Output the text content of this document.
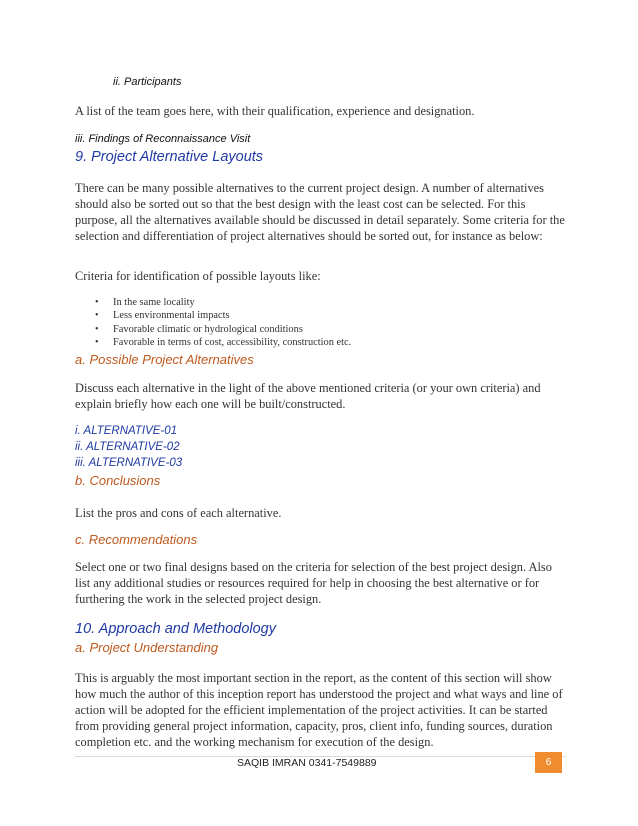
ii. Participants
A list of the team goes here, with their qualification, experience and designation.
iii. Findings of Reconnaissance Visit
9. Project Alternative Layouts
There can be many possible alternatives to the current project design. A number of alternatives should also be sorted out so that the best design with the least cost can be selected. For this purpose, all the alternatives available should be discussed in detail separately. Some criteria for the selection and differentiation of project alternatives should be sorted out, for instance as below:
Criteria for identification of possible layouts like:
• In the same locality
• Less environmental impacts
• Favorable climatic or hydrological conditions
• Favorable in terms of cost, accessibility, construction etc.
a. Possible Project Alternatives
Discuss each alternative in the light of the above mentioned criteria (or your own criteria) and explain briefly how each one will be built/constructed.
i. ALTERNATIVE-01
ii. ALTERNATIVE-02
iii. ALTERNATIVE-03
b. Conclusions
List the pros and cons of each alternative.
c. Recommendations
Select one or two final designs based on the criteria for selection of the best project design. Also list any additional studies or resources required for help in choosing the best alternative or for furthering the work in the selected project design.
10. Approach and Methodology
a. Project Understanding
This is arguably the most important section in the report, as the content of this section will show how much the author of this inception report has understood the project and what ways and line of action will be adopted for the efficient implementation of the project activities. It can be started from providing general project information, capacity, pros, client info, funding sources, duration completion etc. and the working mechanism for execution of the design.
SAQIB IMRAN 0341-7549889	6
